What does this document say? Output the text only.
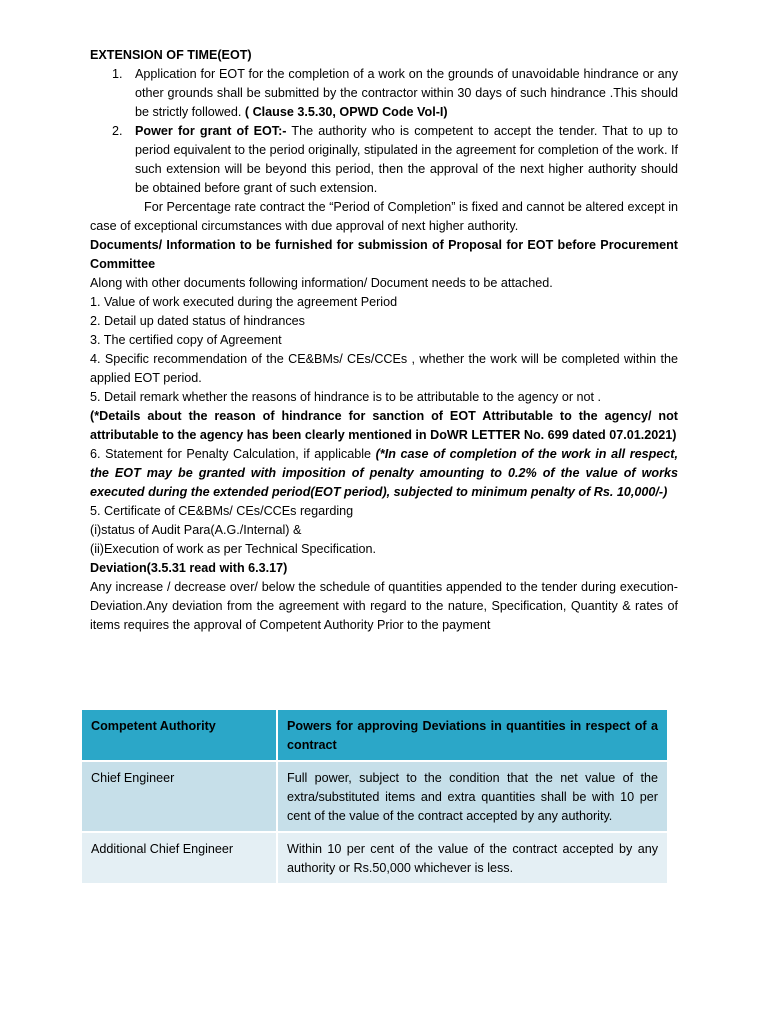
EXTENSION OF TIME(EOT)

1. Application for EOT for the completion of a work on the grounds of unavoidable hindrance or any other grounds shall be submitted by the contractor within 30 days of such hindrance .This should be strictly followed. ( Clause 3.5.30, OPWD Code Vol-I)
2. Power for grant of EOT:- The authority who is competent to accept the tender. That to up to period equivalent to the period originally, stipulated in the agreement for completion of the work. If such extension will be beyond this period, then the approval of the next higher authority should be obtained before grant of such extension.

For Percentage rate contract the “Period of Completion” is fixed and cannot be altered except in case of exceptional circumstances with due approval of next higher authority.

Documents/ Information to be furnished for submission of Proposal for EOT before Procurement Committee

Along with other documents following information/ Document needs to be attached.

1. Value of work executed during the agreement Period

2. Detail up dated status of hindrances

3. The certified copy of Agreement

4. Specific recommendation of the CE&BMs/ CEs/CCEs , whether the work will be completed within the applied EOT period.

5. Detail remark whether the reasons of hindrance is to be attributable to the agency or not .

(*Details about the reason of hindrance for sanction of EOT Attributable to the agency/ not attributable to the agency has been clearly mentioned in DoWR LETTER No. 699 dated 07.01.2021)

6. Statement for Penalty Calculation, if applicable (*In case of completion of the work in all respect, the EOT may be granted with imposition of penalty amounting to 0.2% of the value of works executed during the extended period(EOT period), subjected to minimum penalty of Rs. 10,000/-)

5. Certificate of CE&BMs/ CEs/CCEs regarding

(i)status of Audit Para(A.G./Internal) &

(ii)Execution of work as per Technical Specification.

Deviation(3.5.31 read with 6.3.17)

Any increase / decrease over/ below the schedule of quantities appended to the tender during execution-Deviation.Any deviation from the agreement with regard to the nature, Specification, Quantity & rates of items requires the approval of Competent Authority Prior to the payment

Competent Authority	Powers for approving Deviations in quantities in respect of a contract
Chief Engineer	Full power, subject to the condition that the net value of the extra/substituted items and extra quantities shall be with 10 per cent of the value of the contract accepted by any authority.
Additional Chief Engineer	Within 10 per cent of the value of the contract accepted by any authority or Rs.50,000 whichever is less.
